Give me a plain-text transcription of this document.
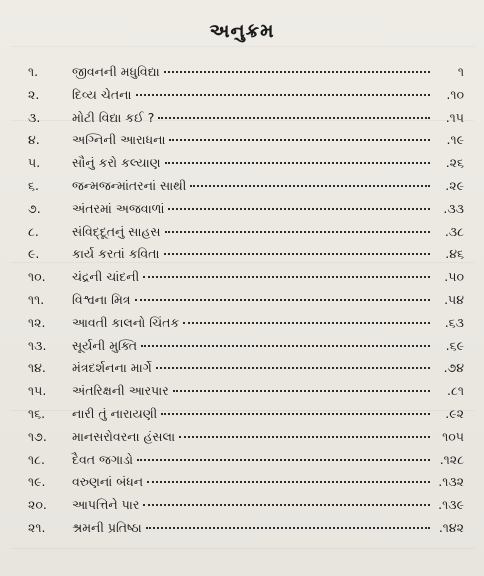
અનુક્રમ
૧.	જીવનની મધુવિદ્યા	૧
૨.	દિવ્ય ચેતના	.૧૦
૩.	મોટી વિદ્યા કઈ ?	.૧૫
૪.	અગ્નિની આરાધના	.૧૯
૫.	સૌનું કરો કલ્યાણ	.૨૬
૬.	જન્મજન્માંતરનાં સાથી	.૨૯
૭.	અંતરમાં અજવાળાં	.૩૩
૮.	સંવિદ્દૂતનું સાહસ	.૩૮
૯.	કાર્ય કરતાં કવિતા	.૪૬
૧૦.	ચંદ્રની ચાંદની	.૫૦
૧૧.	વિશ્વના મિત્ર	.૫૪
૧૨.	આવતી કાલનો ચિંતક	.૬૩
૧૩.	સૂર્યની મુક્તિ	.૬૯
૧૪.	મંત્રદર્શનના માર્ગે	.૭૪
૧૫.	અંતરિક્ષની આરપાર	.૮૧
૧૬.	નારી તું નારાયણી	.૯૨
૧૭.	માનસરોવરના હંસલા	૧૦૫
૧૮.	દૈવત જગાડો	.૧૨૮
૧૯.	વરુણનાં બંધન	.૧૩૨
૨૦.	આપત્તિને પાર	.૧૩૯
૨૧.	શ્રમની પ્રતિષ્ઠા	.૧૪૨
